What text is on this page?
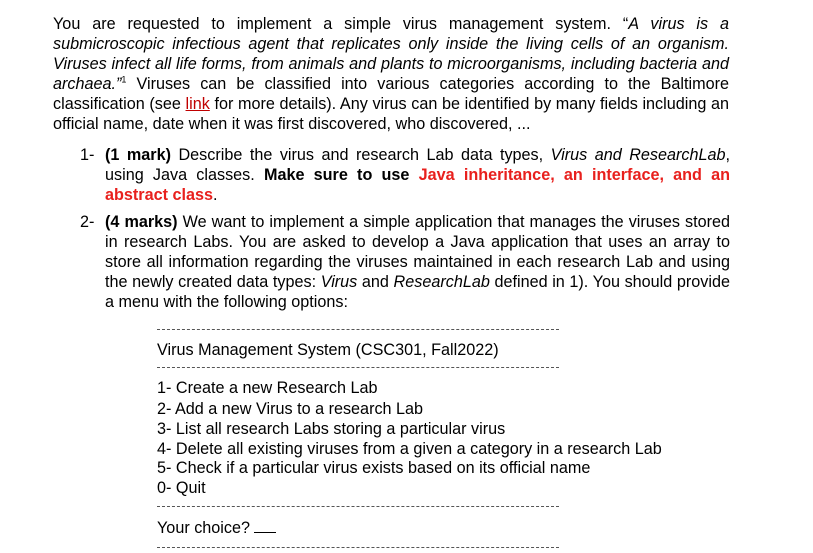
You are requested to implement a simple virus management system. “A virus is a submicroscopic infectious agent that replicates only inside the living cells of an organism. Viruses infect all life forms, from animals and plants to microorganisms, including bacteria and archaea.”$^1$ Viruses can be classified into various categories according to the Baltimore classification (see link for more details). Any virus can be identified by many fields including an official name, date when it was first discovered, who discovered, ...
1- (1 mark) Describe the virus and research Lab data types, Virus and ResearchLab, using Java classes. Make sure to use Java inheritance, an interface, and an abstract class.
2- (4 marks) We want to implement a simple application that manages the viruses stored in research Labs. You are asked to develop a Java application that uses an array to store all information regarding the viruses maintained in each research Lab and using the newly created data types: Virus and ResearchLab defined in 1). You should provide a menu with the following options:
Virus Management System (CSC301, Fall2022)
1- Create a new Research Lab
2- Add a new Virus to a research Lab
3- List all research Labs storing a particular virus
4- Delete all existing viruses from a given a category in a research Lab
5- Check if a particular virus exists based on its official name
0- Quit
Your choice?
